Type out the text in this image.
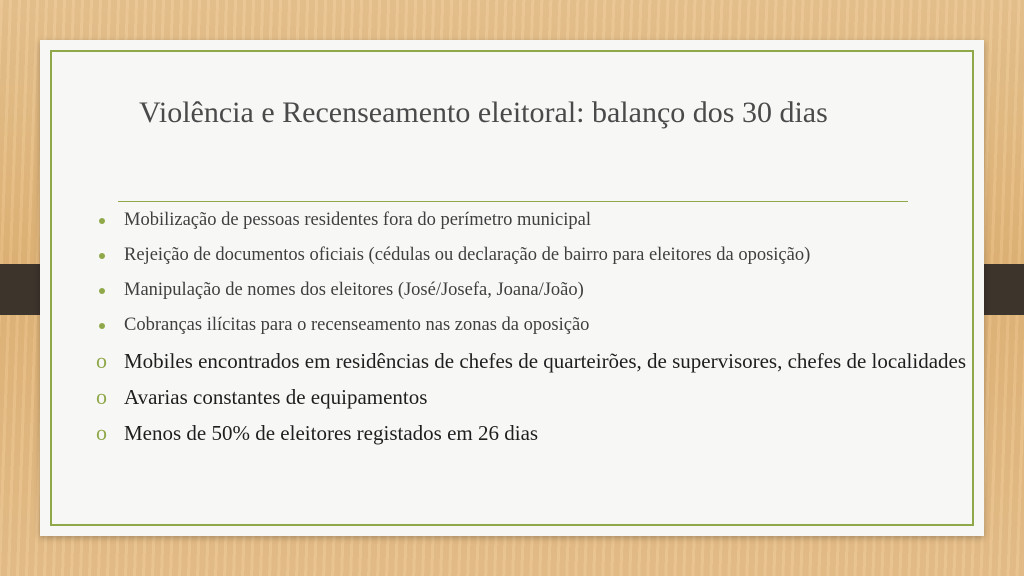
Violência e Recenseamento eleitoral: balanço dos 30 dias
Mobilização de pessoas residentes fora do perímetro municipal
Rejeição de documentos oficiais (cédulas ou declaração de bairro para eleitores da oposição)
Manipulação de nomes dos eleitores (José/Josefa, Joana/João)
Cobranças ilícitas para o recenseamento nas zonas da oposição
o Mobiles encontrados em residências de chefes de quarteirões, de supervisores, chefes de localidades
o Avarias constantes de equipamentos
o Menos de 50% de eleitores registados em 26 dias
